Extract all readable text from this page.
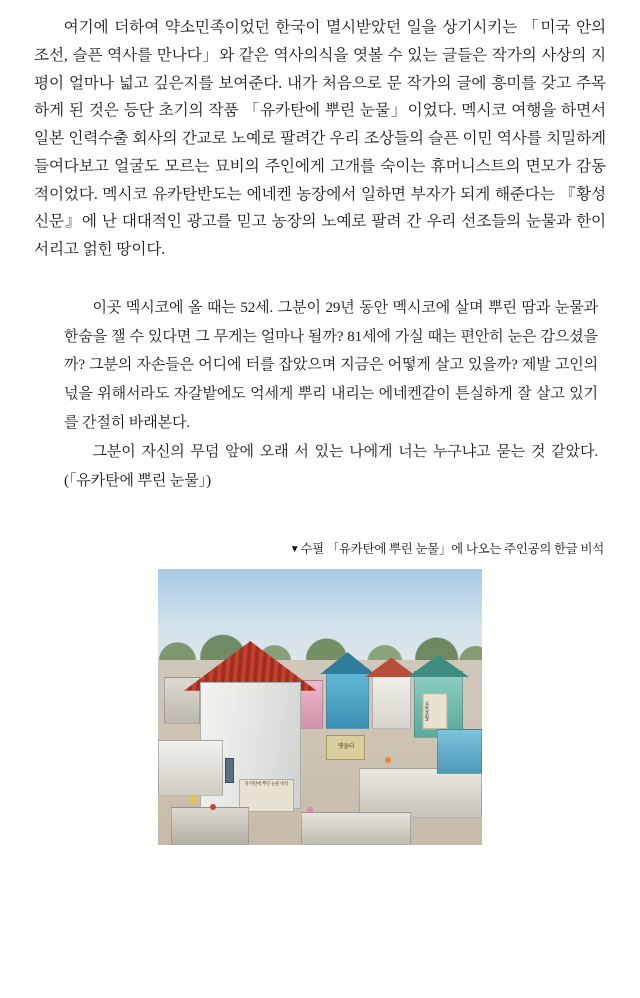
여기에 더하여 약소민족이었던 한국이 멸시받았던 일을 상기시키는 「미국 안의 조선, 슬픈 역사를 만나다」와 같은 역사의식을 엿볼 수 있는 글들은 작가의 사상의 지평이 얼마나 넓고 깊은지를 보여준다. 내가 처음으로 문 작가의 글에 흥미를 갖고 주목하게 된 것은 등단 초기의 작품 「유카탄에 뿌린 눈물」이었다. 멕시코 여행을 하면서 일본 인력수출 회사의 간교로 노예로 팔려간 우리 조상들의 슬픈 이민 역사를 치밀하게 들여다보고 얼굴도 모르는 묘비의 주인에게 고개를 숙이는 휴머니스트의 면모가 감동적이었다. 멕시코 유카탄반도는 에네켄 농장에서 일하면 부자가 되게 해준다는 『황성신문』에 난 대대적인 광고를 믿고 농장의 노예로 팔려 간 우리 선조들의 눈물과 한이 서리고 얽힌 땅이다.

이곳 멕시코에 올 때는 52세. 그분이 29년 동안 멕시코에 살며 뿌린 땀과 눈물과 한숨을 잴 수 있다면 그 무게는 얼마나 될까? 81세에 가실 때는 편안히 눈은 감으셨을까? 그분의 자손들은 어디에 터를 잡았으며 지금은 어떻게 살고 있을까? 제발 고인의 넋을 위해서라도 자갈밭에도 억세게 뿌리 내리는 에네켄같이 튼실하게 잘 살고 있기를 간절히 바래본다.

그분이 자신의 무덤 앞에 오래 서 있는 나에게 너는 누구냐고 묻는 것 같았다. (「유카탄에 뿌린 눈물」)

▼수필 「유카탄에 뿌린 눈물」에 나오는 주인공의 한글 비석
옛을터
유카탄에 뿌린 눈물 비석
MEMORIA
